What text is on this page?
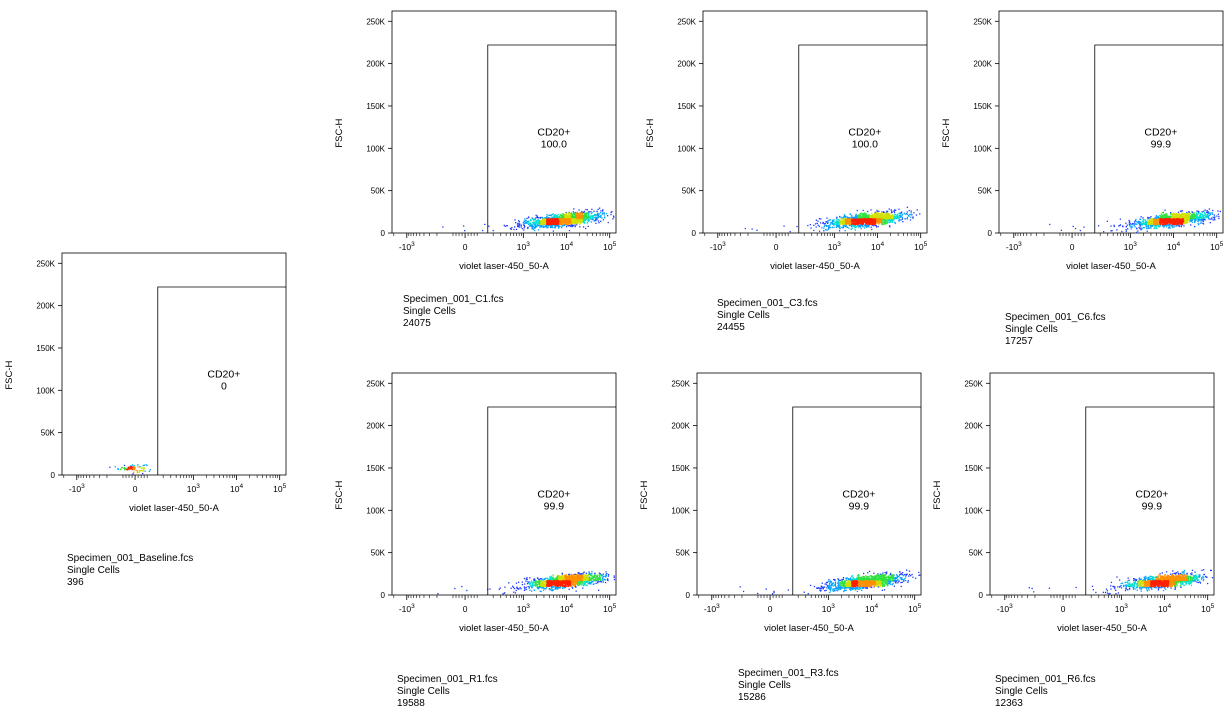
CD20+
0
0
50K
100K
150K
200K
250K
FSC-H
$-10^3$	0	$10^3$	$10^4$	$10^5$
violet laser-450_50-A
CD20+
100.0
0
50K
100K
150K
200K
250K
FSC-H
$-10^3$	0	$10^3$	$10^4$	$10^5$
violet laser-450_50-A
CD20+
100.0
0
50K
100K
150K
200K
250K
FSC-H
$-10^3$	0	$10^3$	$10^4$	$10^5$
violet laser-450_50-A
CD20+
99.9
0
50K
100K
150K
200K
250K
FSC-H
$-10^3$	0	$10^3$	$10^4$	$10^5$
violet laser-450_50-A
CD20+
99.9
0
50K
100K
150K
200K
250K
FSC-H
$-10^3$	0	$10^3$	$10^4$	$10^5$
violet laser-450_50-A
CD20+
99.9
0
50K
100K
150K
200K
250K
FSC-H
$-10^3$	0	$10^3$	$10^4$	$10^5$
violet laser-450_50-A
CD20+
99.9
0
50K
100K
150K
200K
250K
FSC-H
$-10^3$	0	$10^3$	$10^4$	$10^5$
violet laser-450_50-A
Specimen_001_Baseline.fcs
Single Cells
396
Specimen_001_C1.fcs
Single Cells
24075
Specimen_001_C3.fcs
Single Cells
24455
Specimen_001_C6.fcs
Single Cells
17257
Specimen_001_R1.fcs
Single Cells
19588
Specimen_001_R3.fcs
Single Cells
15286
Specimen_001_R6.fcs
Single Cells
12363
